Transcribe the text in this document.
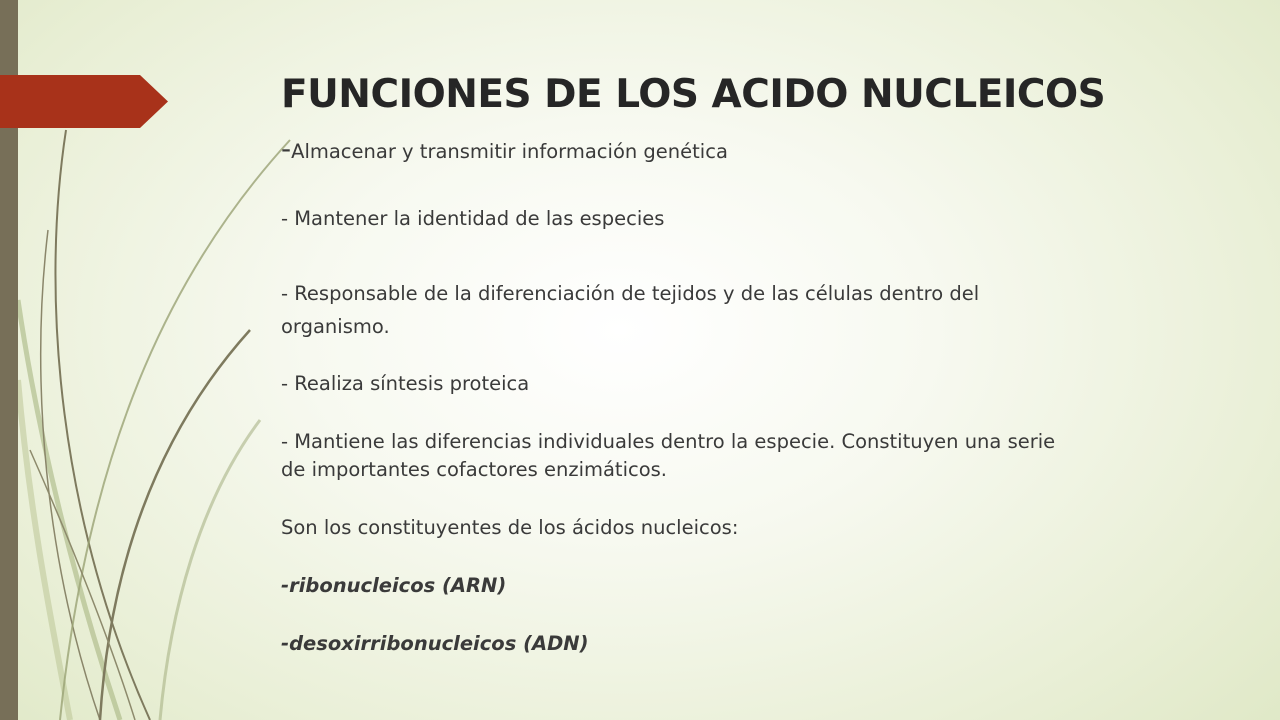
FUNCIONES DE LOS ACIDO NUCLEICOS

-Almacenar y transmitir información genética

- Mantener la identidad de las especies

- Responsable de la diferenciación de tejidos y de las células dentro del

organismo.

- Realiza síntesis proteica

- Mantiene las diferencias individuales dentro la especie. Constituyen una serie

de importantes cofactores enzimáticos.

Son los constituyentes de los ácidos nucleicos:

-ribonucleicos (ARN)

-desoxirribonucleicos (ADN)
